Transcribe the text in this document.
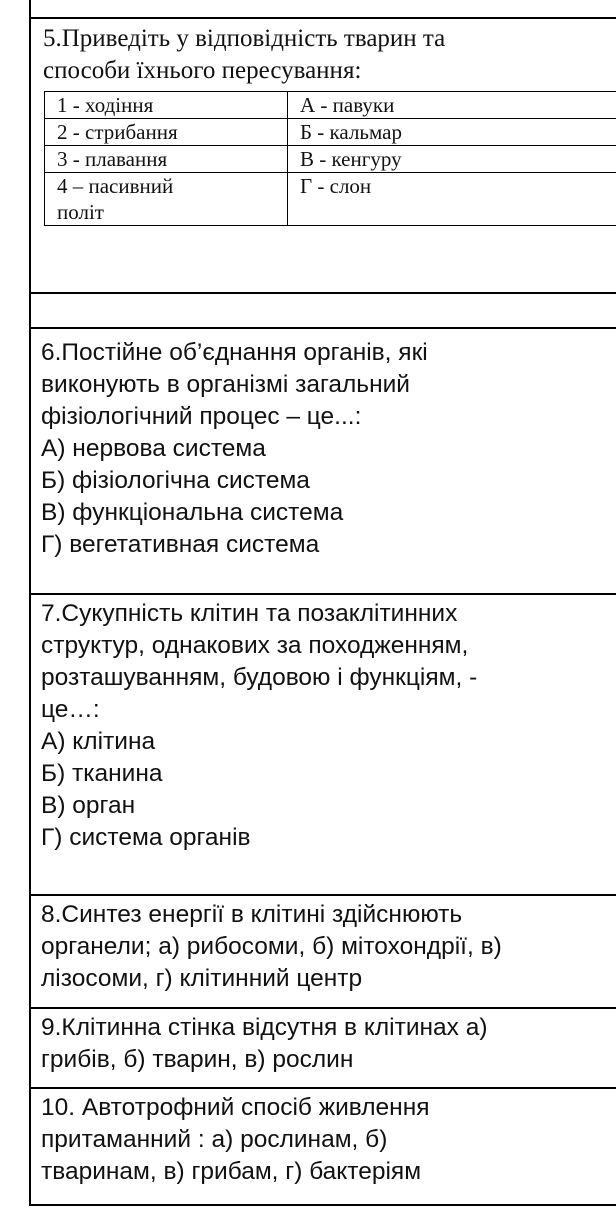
5.Приведіть у відповідність тварин та
способи їхнього пересування:
1 - ходіння	А - павуки
2 - стрибання	Б - кальмар
3 - плавання	В - кенгуру

4 – пасивний
політ	Г - слон
6.Постійне об’єднання органів, які
виконують в організмі загальний
фізіологічний процес – це...:
А) нервова система
Б) фізіологічна система
В) функціональна система
Г) вегетативная система
7.Сукупність клітин та позаклітинних
структур, однакових за походженням,
розташуванням, будовою і функціям, -
це…:
А) клітина
Б) тканина
В) орган
Г) система органів
8.Синтез енергії в клітині здійснюють
органели; а) рибосоми, б) мітохондрії, в)
лізосоми, г) клітинний центр
9.Клітинна стінка відсутня в клітинах а)
грибів, б) тварин, в) рослин
10. Автотрофний спосіб живлення
притаманний : а) рослинам, б)
тваринам, в) грибам, г) бактеріям
